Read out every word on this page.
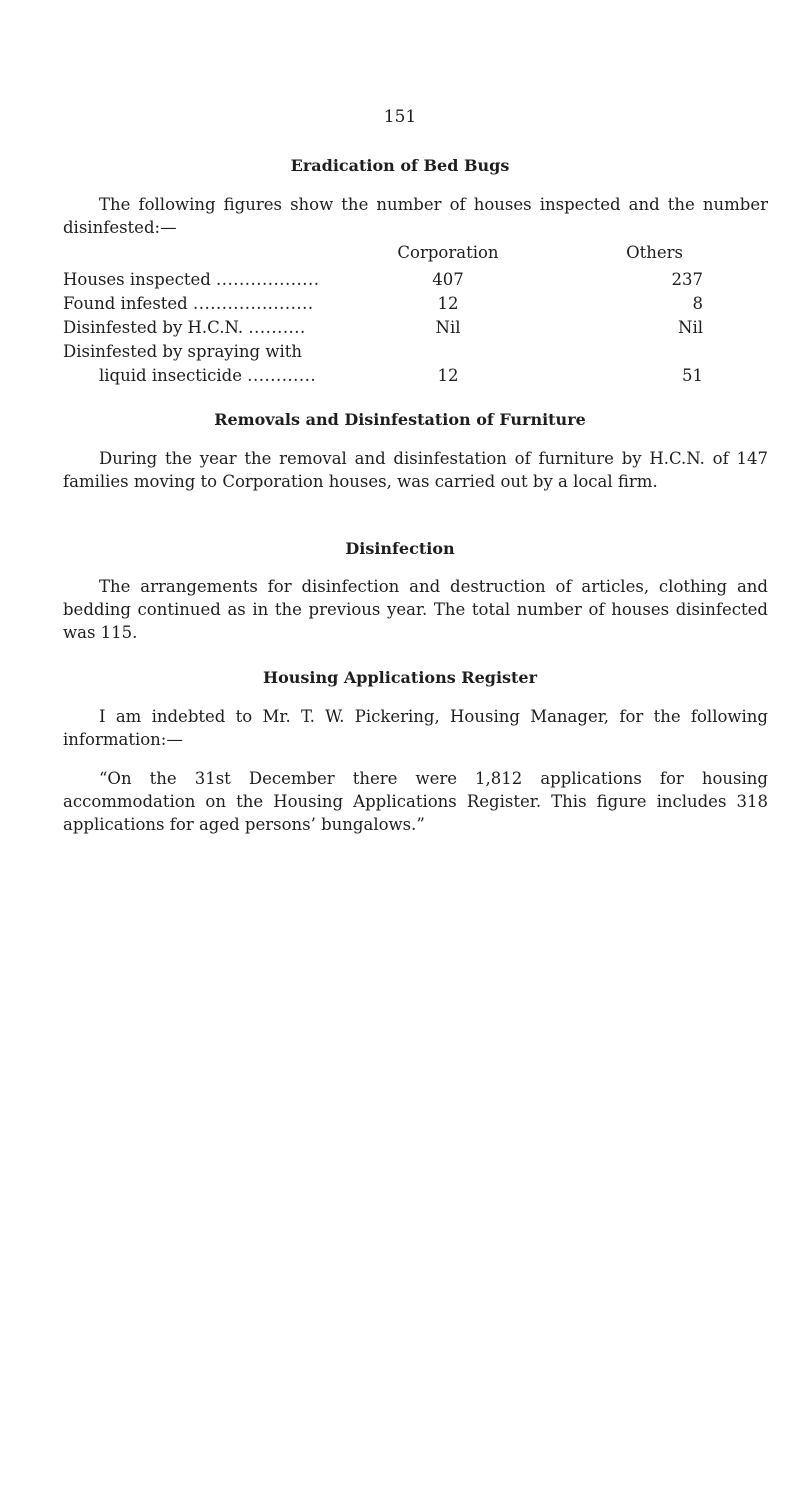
151
Eradication of Bed Bugs
The following figures show the number of houses inspected and the number disinfested:—
Corporation	Others
Houses inspected ..................	407	237
Found infested .....................	12	8
Disinfested by H.C.N. ..........	Nil	Nil
Disinfested by spraying with
liquid insecticide ............	12	51
Removals and Disinfestation of Furniture
During the year the removal and disinfestation of furniture by H.C.N. of 147 families moving to Corporation houses, was carried out by a local firm.
Disinfection
The arrangements for disinfection and destruction of articles, clothing and bedding continued as in the previous year. The total number of houses disinfected was 115.
Housing Applications Register
I am indebted to Mr. T. W. Pickering, Housing Manager, for the following information:—
“On the 31st December there were 1,812 applications for housing accommodation on the Housing Applications Register. This figure includes 318 applications for aged persons’ bungalows.”
